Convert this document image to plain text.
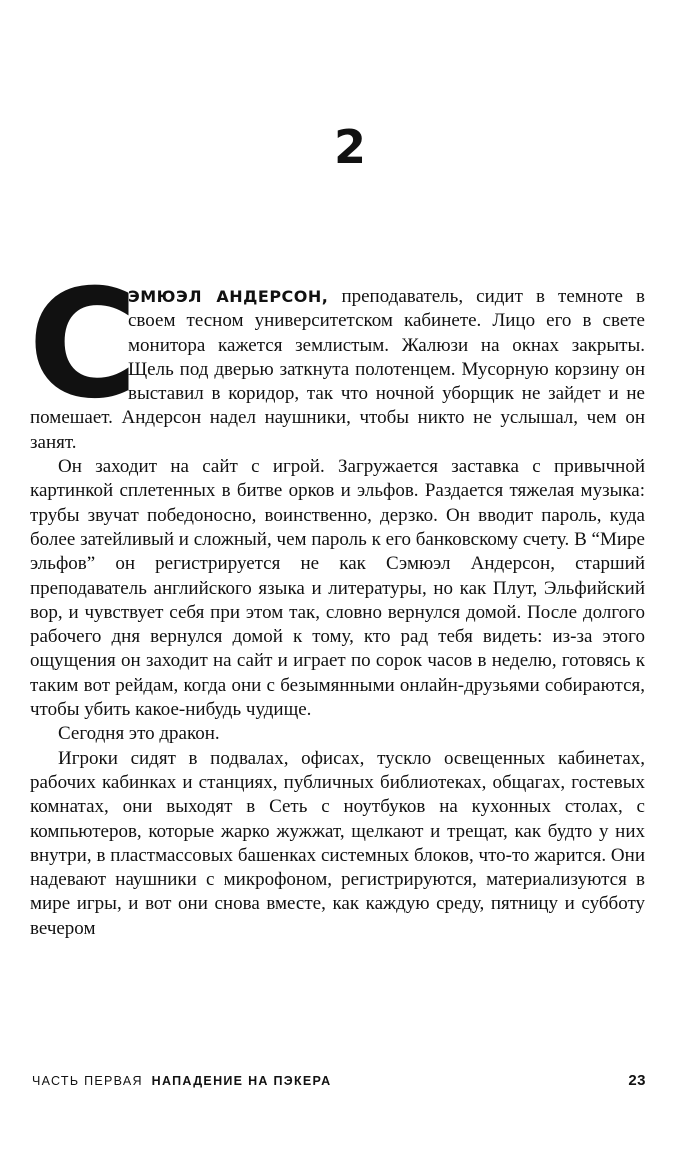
2

С
ЭМЮЭЛ АНДЕРСОН, преподаватель, сидит в темноте в своем тесном университетском кабинете. Лицо его в свете монитора кажется землистым. Жалюзи на окнах закрыты. Щель под дверью заткнута полотенцем. Мусорную корзину он выставил в коридор, так что ночной уборщик не зайдет и не помешает. Андерсон надел наушники, чтобы никто не услышал, чем он занят.

Он заходит на сайт с игрой. Загружается заставка с привычной картинкой сплетенных в битве орков и эльфов. Раздается тяжелая музыка: трубы звучат победоносно, воинственно, дерзко. Он вводит пароль, куда более затейливый и сложный, чем пароль к его банковскому счету. В “Мире эльфов” он регистрируется не как Сэмюэл Андерсон, старший преподаватель английского языка и литературы, но как Плут, Эльфийский вор, и чувствует себя при этом так, словно вернулся домой. После долгого рабочего дня вернулся домой к тому, кто рад тебя видеть: из-за этого ощущения он заходит на сайт и играет по сорок часов в неделю, готовясь к таким вот рейдам, когда они с безымянными онлайн-друзьями собираются, чтобы убить какое-нибудь чудище.

Сегодня это дракон.

Игроки сидят в подвалах, офисах, тускло освещенных кабинетах, рабочих кабинках и станциях, публичных библиотеках, общагах, гостевых комнатах, они выходят в Сеть с ноутбуков на кухонных столах, с компьютеров, которые жарко жужжат, щелкают и трещат, как будто у них внутри, в пластмассовых башенках системных блоков, что-то жарится. Они надевают наушники с микрофоном, регистрируются, материализуются в мире игры, и вот они снова вместе, как каждую среду, пятницу и субботу вечером

ЧАСТЬ ПЕРВАЯ НАПАДЕНИЕ НА ПЭКЕРА	23
